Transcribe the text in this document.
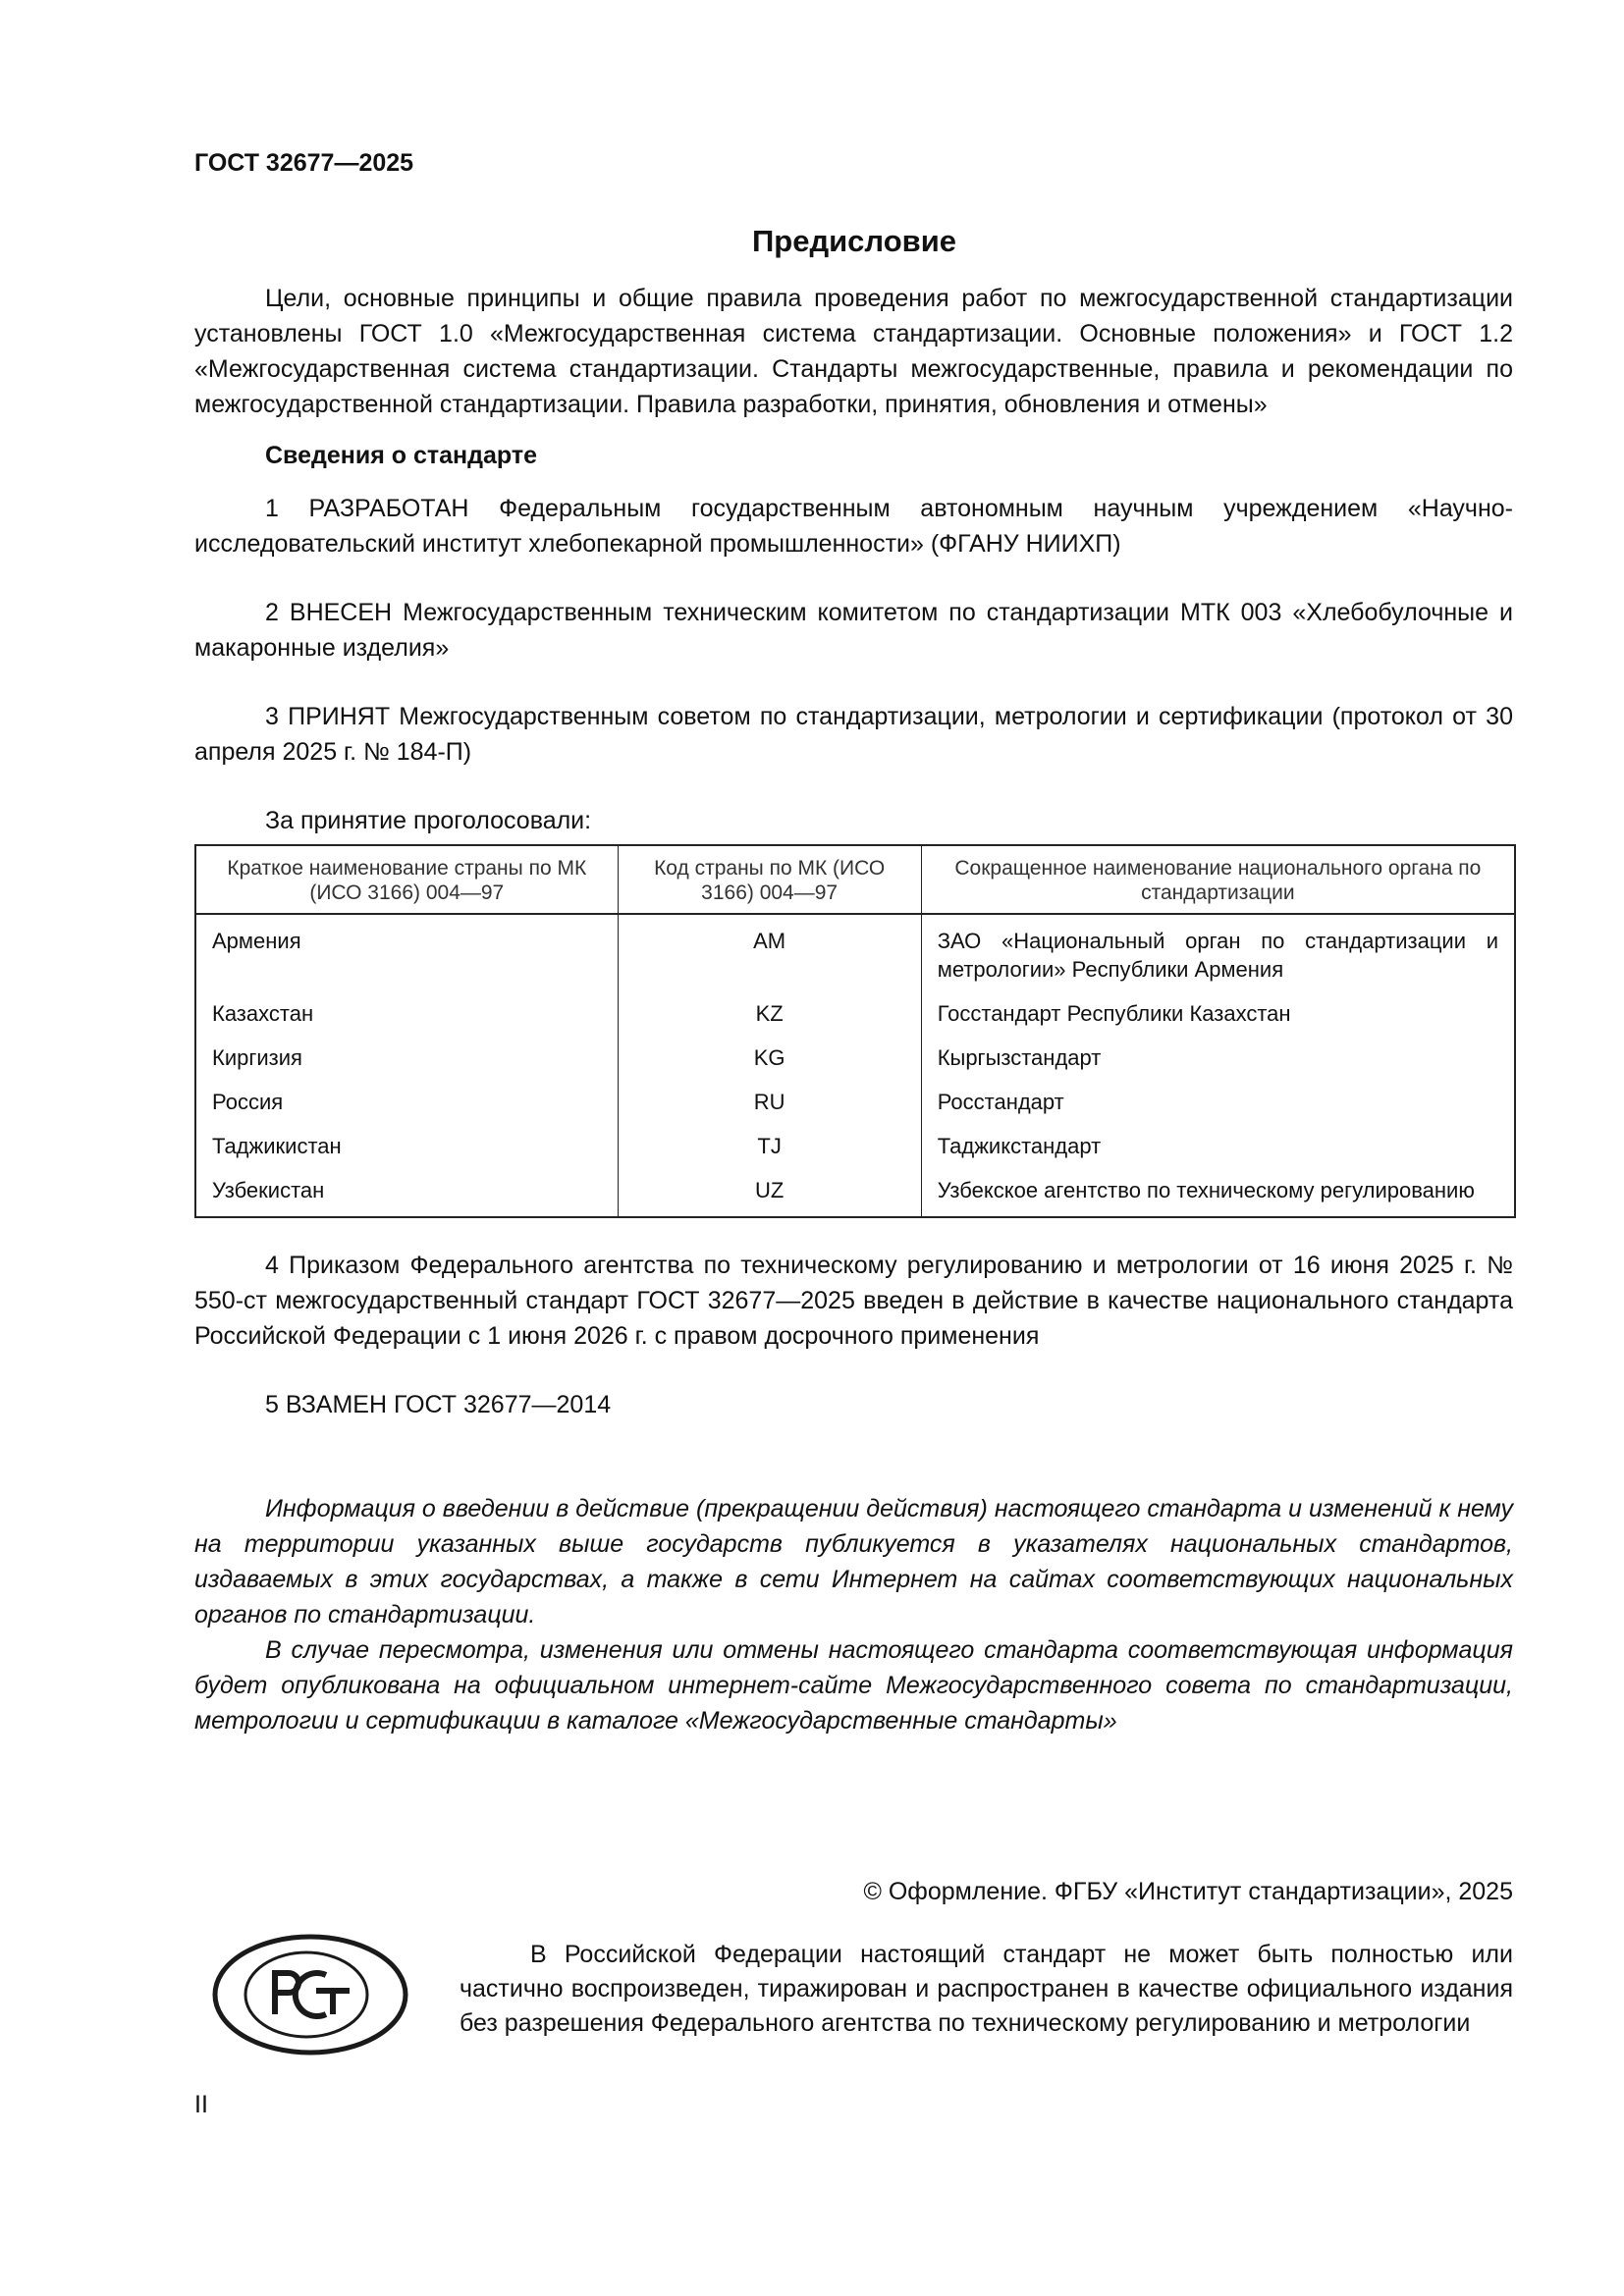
ГОСТ 32677—2025
Предисловие

Цели, основные принципы и общие правила проведения работ по межгосударственной стандартизации установлены ГОСТ 1.0 «Межгосударственная система стандартизации. Основные положения» и ГОСТ 1.2 «Межгосударственная система стандартизации. Стандарты межгосударственные, правила и рекомендации по межгосударственной стандартизации. Правила разработки, принятия, обновления и отмены»

Сведения о стандарте

1 РАЗРАБОТАН Федеральным государственным автономным научным учреждением «Научно-исследовательский институт хлебопекарной промышленности» (ФГАНУ НИИХП)

2 ВНЕСЕН Межгосударственным техническим комитетом по стандартизации МТК 003 «Хлебобулочные и макаронные изделия»

3 ПРИНЯТ Межгосударственным советом по стандартизации, метрологии и сертификации (протокол от 30 апреля 2025 г. № 184-П)

За принятие проголосовали:

Краткое наименование страны по МК (ИСО 3166) 004—97	Код страны по МК (ИСО 3166) 004—97	Сокращенное наименование национального органа по стандартизации
Армения	AM	ЗАО «Национальный орган по стандартизации и метрологии» Республики Армения
Казахстан	KZ	Госстандарт Республики Казахстан
Киргизия	KG	Кыргызстандарт
Россия	RU	Росстандарт
Таджикистан	TJ	Таджикстандарт
Узбекистан	UZ	Узбекское агентство по техническому регулированию

4 Приказом Федерального агентства по техническому регулированию и метрологии от 16 июня 2025 г. № 550-ст межгосударственный стандарт ГОСТ 32677—2025 введен в действие в качестве национального стандарта Российской Федерации с 1 июня 2026 г. с правом досрочного применения

5 ВЗАМЕН ГОСТ 32677—2014

Информация о введении в действие (прекращении действия) настоящего стандарта и изменений к нему на территории указанных выше государств публикуется в указателях национальных стандартов, издаваемых в этих государствах, а также в сети Интернет на сайтах соответствующих национальных органов по стандартизации.

В случае пересмотра, изменения или отмены настоящего стандарта соответствующая информация будет опубликована на официальном интернет-сайте Межгосударственного совета по стандартизации, метрологии и сертификации в каталоге «Межгосударственные стандарты»

© Оформление. ФГБУ «Институт стандартизации», 2025

В Российской Федерации настоящий стандарт не может быть полностью или частично воспроизведен, тиражирован и распространен в качестве официального издания без разрешения Федерального агентства по техническому регулированию и метрологии

II
